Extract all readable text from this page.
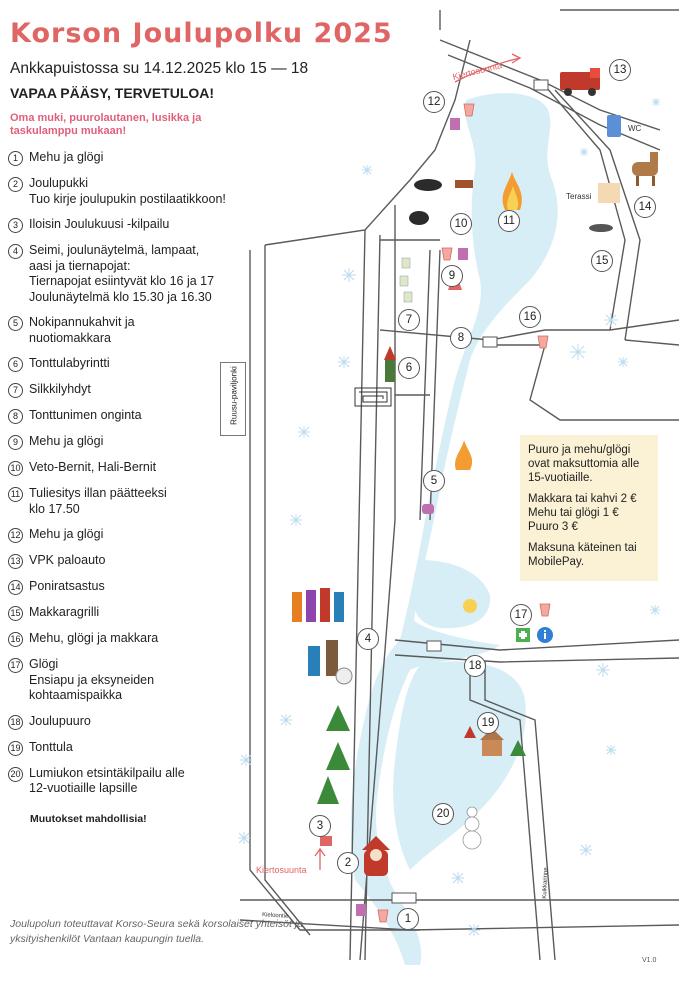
Korson Joulupolku 2025
Ankkapuistossa su 14.12.2025 klo 15 — 18
VAPAA PÄÄSY, TERVETULOA!
Oma muki, puurolautanen, lusikka ja taskulamppu mukaan!
1 Mehu ja glögi
2 Joulupukki
Tuo kirje joulupukin postilaatikkoon!
3 Iloisin Joulukuusi -kilpailu
4 Seimi, joulunäytelmä, lampaat,
aasi ja tiernapojat:
Tiernapojat esiintyvät klo 16 ja 17
Joulunäytelmä klo 15.30 ja 16.30
5 Nokipannukahvit ja
nuotiomakkara
6 Tonttulabyrintti
7 Silkkilyhdyt
8 Tonttunimen onginta
9 Mehu ja glögi
10 Veto-Bernit, Hali-Bernit
11 Tuliesitys illan päätteeksi
klo 17.50
12 Mehu ja glögi
13 VPK paloauto
14 Poniratsastus
15 Makkaragrilli
16 Mehu, glögi ja makkara
17 Glögi
Ensiapu ja eksyneiden
kohtaamispaikka
18 Joulupuuro
19 Tonttula
20 Lumiukon etsintäkilpailu alle
12-vuotiaille lapsille
Muutokset mahdollisia!
Joulupolun toteuttavat Korso-Seura sekä korsolaiset yhteisöt ja yksityishenkilöt Vantaan kaupungin tuella.
V1.0

Puuro ja mehu/glögi ovat maksuttomia alle 15-vuotiaille.

Makkara tai kahvi 2 €
Mehu tai glögi 1 €
Puuro 3 €

Maksuna käteinen tai MobilePay.

Ruusu-paviljonki
Kiertosuunta
Kiertosuunta
Terassi
WC
Kieloontie
Kuikkarinne
1
2
3
4
5
6
7
8
9
10	11
12
13
14
15
16
17
18
19
20
